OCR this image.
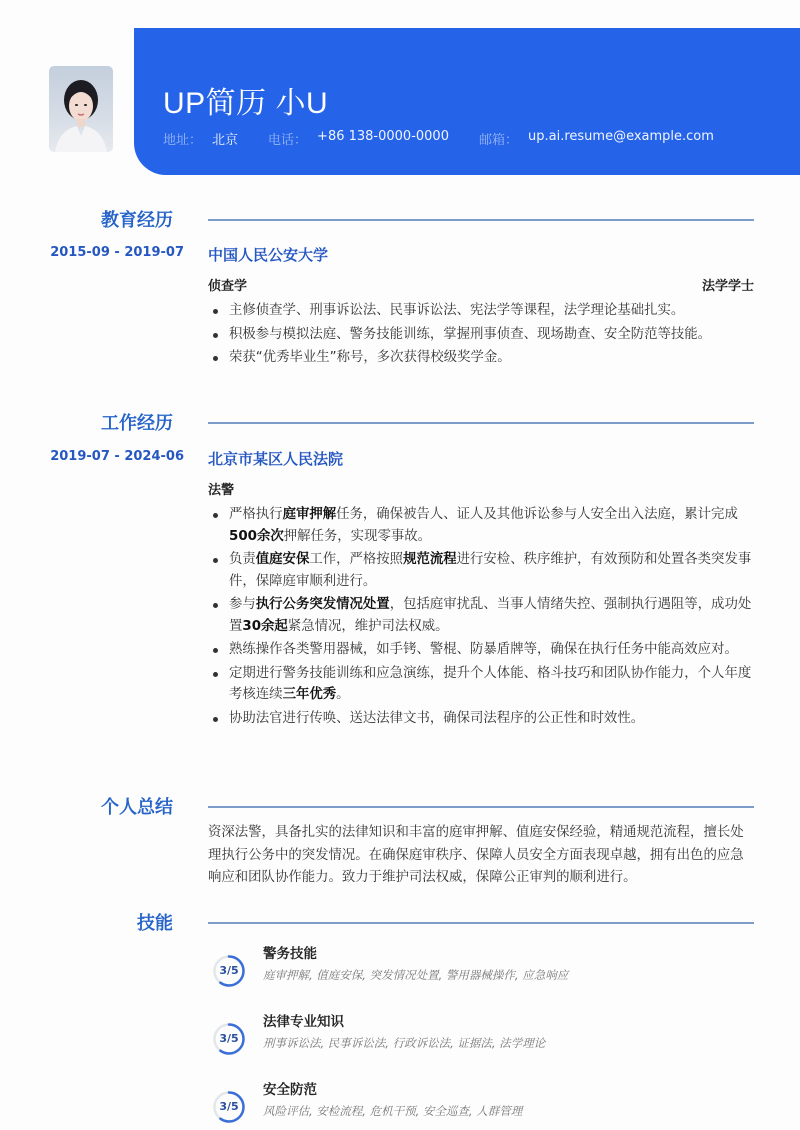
UP简历 小U
地址： 北京 电话： +86 138-0000-0000 邮箱： up.ai.resume@example.com
教育经历
2015-09 - 2019-07 中国人民公安大学
侦查学	法学学士
主修侦查学、刑事诉讼法、民事诉讼法、宪法学等课程，法学理论基础扎实。
积极参与模拟法庭、警务技能训练，掌握刑事侦查、现场勘查、安全防范等技能。
荣获“优秀毕业生”称号，多次获得校级奖学金。
工作经历
2019-07 - 2024-06 北京市某区人民法院
法警
严格执行庭审押解任务，确保被告人、证人及其他诉讼参与人安全出入法庭，累计完成500余次押解任务，实现零事故。
负责值庭安保工作，严格按照规范流程进行安检、秩序维护，有效预防和处置各类突发事件，保障庭审顺利进行。
参与执行公务突发情况处置，包括庭审扰乱、当事人情绪失控、强制执行遇阻等，成功处置30余起紧急情况，维护司法权威。
熟练操作各类警用器械，如手铐、警棍、防暴盾牌等，确保在执行任务中能高效应对。
定期进行警务技能训练和应急演练，提升个人体能、格斗技巧和团队协作能力，个人年度考核连续三年优秀。
协助法官进行传唤、送达法律文书，确保司法程序的公正性和时效性。
个人总结
资深法警，具备扎实的法律知识和丰富的庭审押解、值庭安保经验，精通规范流程，擅长处理执行公务中的突发情况。在确保庭审秩序、保障人员安全方面表现卓越，拥有出色的应急响应和团队协作能力。致力于维护司法权威，保障公正审判的顺利进行。
技能
3/5
警务技能
庭审押解, 值庭安保, 突发情况处置, 警用器械操作, 应急响应
3/5
法律专业知识
刑事诉讼法, 民事诉讼法, 行政诉讼法, 证据法, 法学理论
3/5
安全防范
风险评估, 安检流程, 危机干预, 安全巡查, 人群管理
